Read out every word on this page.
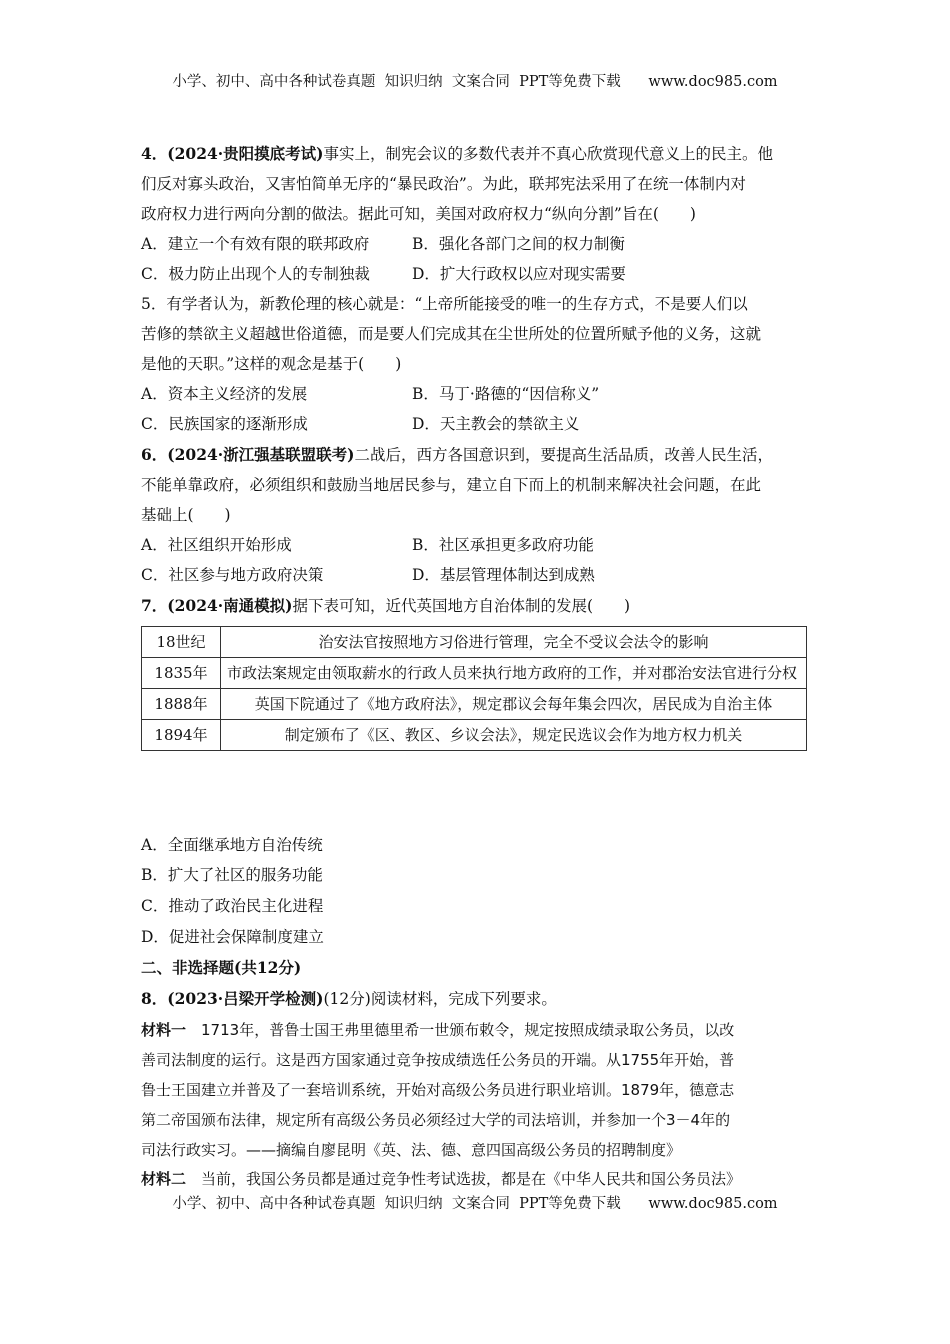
小学、初中、高中各种试卷真题  知识归纳  文案合同  PPT等免费下载      www.doc985.com
4．(2024·贵阳摸底考试)事实上，制宪会议的多数代表并不真心欣赏现代意义上的民主。他
们反对寡头政治，又害怕简单无序的“暴民政治”。为此，联邦宪法采用了在统一体制内对
政府权力进行两向分割的做法。据此可知，美国对政府权力“纵向分割”旨在(　　)
A．建立一个有效有限的联邦政府	B．强化各部门之间的权力制衡
C．极力防止出现个人的专制独裁	D．扩大行政权以应对现实需要
5．有学者认为，新教伦理的核心就是：“上帝所能接受的唯一的生存方式，不是要人们以
苦修的禁欲主义超越世俗道德，而是要人们完成其在尘世所处的位置所赋予他的义务，这就
是他的天职。”这样的观念是基于(　　)
A．资本主义经济的发展	B．马丁·路德的“因信称义”
C．民族国家的逐渐形成	D．天主教会的禁欲主义
6．(2024·浙江强基联盟联考)二战后，西方各国意识到，要提高生活品质，改善人民生活，
不能单靠政府，必须组织和鼓励当地居民参与，建立自下而上的机制来解决社会问题，在此
基础上(　　)
A．社区组织开始形成	B．社区承担更多政府功能
C．社区参与地方政府决策	D．基层管理体制达到成熟
7．(2024·南通模拟)据下表可知，近代英国地方自治体制的发展(　　)
18世纪	治安法官按照地方习俗进行管理，完全不受议会法令的影响
1835年	市政法案规定由领取薪水的行政人员来执行地方政府的工作，并对郡治安法官进行分权
1888年	英国下院通过了《地方政府法》，规定郡议会每年集会四次，居民成为自治主体
1894年	制定颁布了《区、教区、乡议会法》，规定民选议会作为地方权力机关
A．全面继承地方自治传统
B．扩大了社区的服务功能
C．推动了政治民主化进程
D．促进社会保障制度建立
二、非选择题(共12分)
8．(2023·吕梁开学检测)(12分)阅读材料，完成下列要求。
材料一　1713年，普鲁士国王弗里德里希一世颁布敕令，规定按照成绩录取公务员，以改
善司法制度的运行。这是西方国家通过竞争按成绩选任公务员的开端。从1755年开始，普
鲁士王国建立并普及了一套培训系统，开始对高级公务员进行职业培训。1879年，德意志
第二帝国颁布法律，规定所有高级公务员必须经过大学的司法培训，并参加一个3－4年的
司法行政实习。——摘编自廖昆明《英、法、德、意四国高级公务员的招聘制度》
材料二　当前，我国公务员都是通过竞争性考试选拔，都是在《中华人民共和国公务员法》
小学、初中、高中各种试卷真题  知识归纳  文案合同  PPT等免费下载      www.doc985.com
